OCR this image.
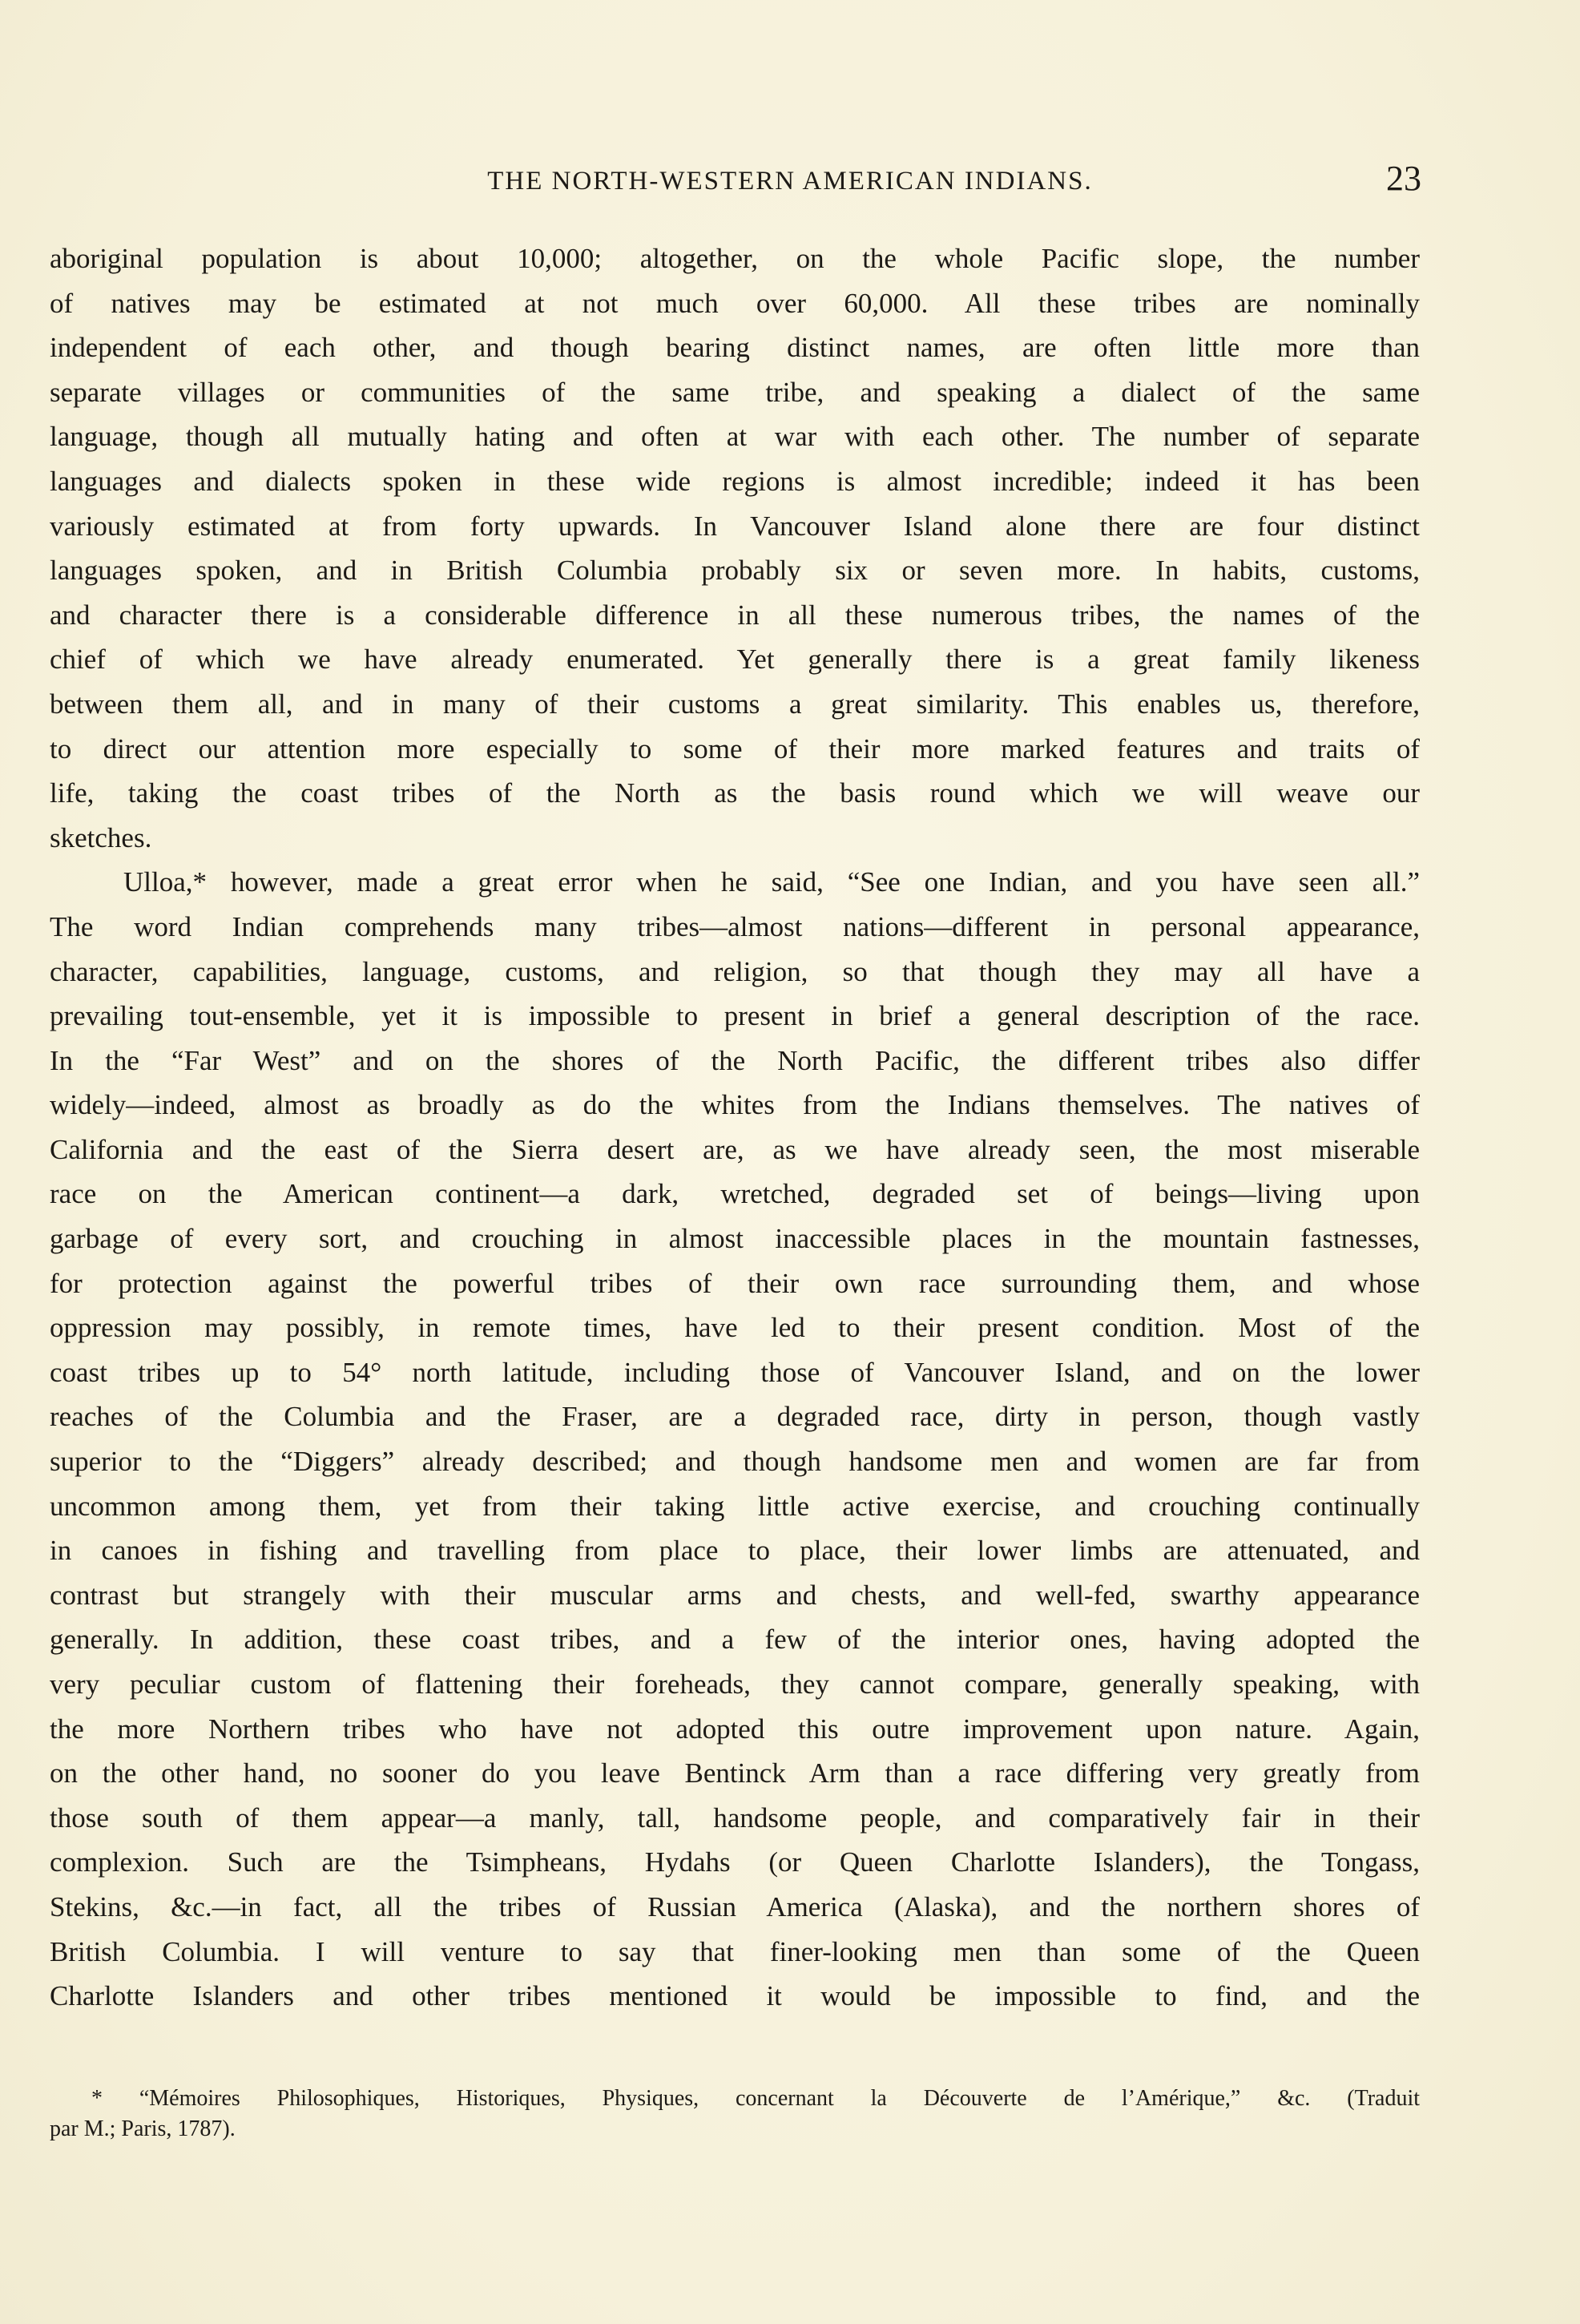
THE NORTH-WESTERN AMERICAN INDIANS.	23
aboriginal population is about 10,000; altogether, on the whole Pacific slope, the number
of natives may be estimated at not much over 60,000. All these tribes are nominally
independent of each other, and though bearing distinct names, are often little more than
separate villages or communities of the same tribe, and speaking a dialect of the same
language, though all mutually hating and often at war with each other. The number of separate
languages and dialects spoken in these wide regions is almost incredible; indeed it has been
variously estimated at from forty upwards. In Vancouver Island alone there are four distinct
languages spoken, and in British Columbia probably six or seven more. In habits, customs,
and character there is a considerable difference in all these numerous tribes, the names of the
chief of which we have already enumerated. Yet generally there is a great family likeness
between them all, and in many of their customs a great similarity. This enables us, therefore,
to direct our attention more especially to some of their more marked features and traits of
life, taking the coast tribes of the North as the basis round which we will weave our
sketches.
Ulloa,* however, made a great error when he said, “See one Indian, and you have seen all.”
The word Indian comprehends many tribes—almost nations—different in personal appearance,
character, capabilities, language, customs, and religion, so that though they may all have a
prevailing tout-ensemble, yet it is impossible to present in brief a general description of the race.
In the “Far West” and on the shores of the North Pacific, the different tribes also differ
widely—indeed, almost as broadly as do the whites from the Indians themselves. The natives of
California and the east of the Sierra desert are, as we have already seen, the most miserable
race on the American continent—a dark, wretched, degraded set of beings—living upon
garbage of every sort, and crouching in almost inaccessible places in the mountain fastnesses,
for protection against the powerful tribes of their own race surrounding them, and whose
oppression may possibly, in remote times, have led to their present condition. Most of the
coast tribes up to 54° north latitude, including those of Vancouver Island, and on the lower
reaches of the Columbia and the Fraser, are a degraded race, dirty in person, though vastly
superior to the “Diggers” already described; and though handsome men and women are far from
uncommon among them, yet from their taking little active exercise, and crouching continually
in canoes in fishing and travelling from place to place, their lower limbs are attenuated, and
contrast but strangely with their muscular arms and chests, and well-fed, swarthy appearance
generally. In addition, these coast tribes, and a few of the interior ones, having adopted the
very peculiar custom of flattening their foreheads, they cannot compare, generally speaking, with
the more Northern tribes who have not adopted this outre improvement upon nature. Again,
on the other hand, no sooner do you leave Bentinck Arm than a race differing very greatly from
those south of them appear—a manly, tall, handsome people, and comparatively fair in their
complexion. Such are the Tsimpheans, Hydahs (or Queen Charlotte Islanders), the Tongass,
Stekins, &c.—in fact, all the tribes of Russian America (Alaska), and the northern shores of
British Columbia. I will venture to say that finer-looking men than some of the Queen
Charlotte Islanders and other tribes mentioned it would be impossible to find, and the
* “Mémoires Philosophiques, Historiques, Physiques, concernant la Découverte de l’Amérique,” &c. (Traduit
par M.; Paris, 1787).
